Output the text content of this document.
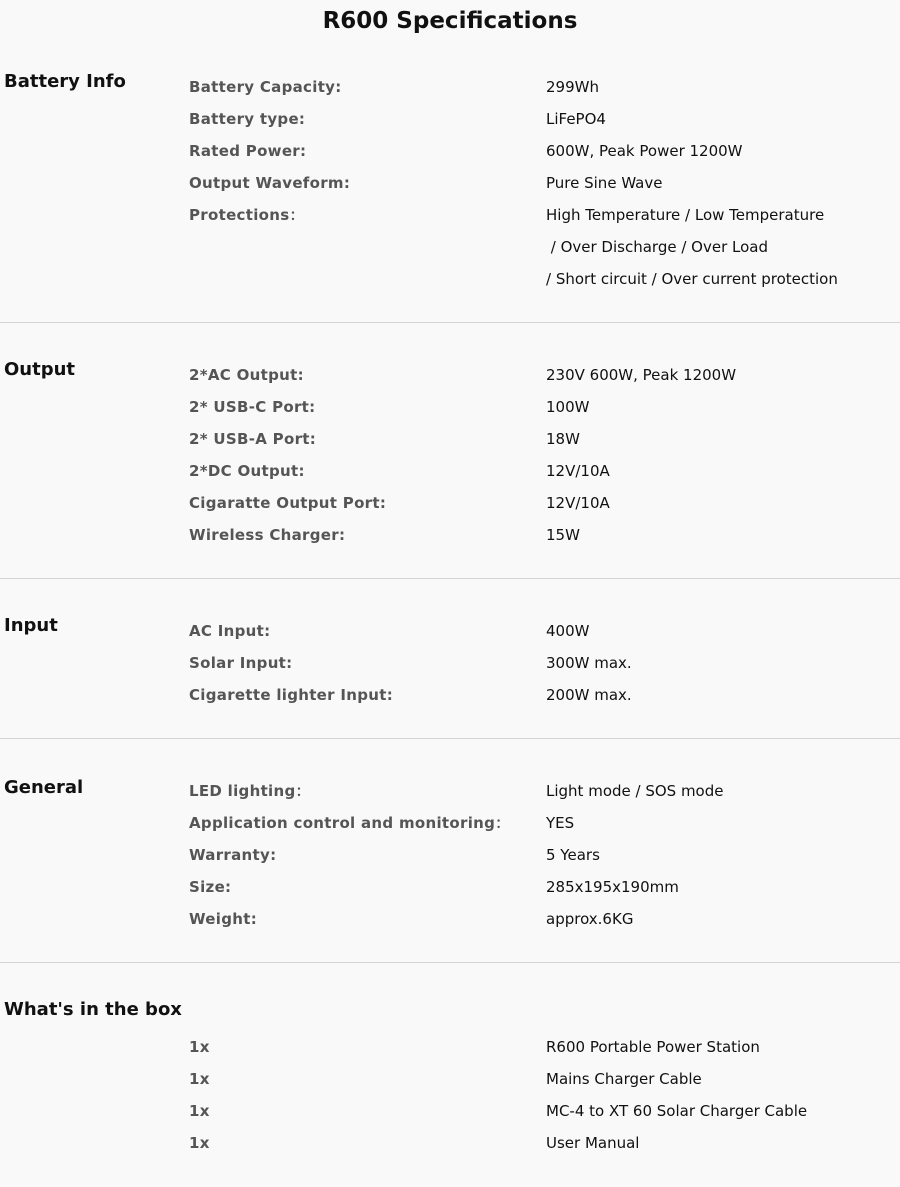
R600 Specifications
Battery Info	Battery Capacity:	299Wh
Battery type:	LiFePO4
Rated Power:	600W, Peak Power 1200W
Output Waveform:	Pure Sine Wave
Protections：	High Temperature / Low Temperature
/ Over Discharge / Over Load
/ Short circuit / Over current protection
Output	2*AC Output:	230V 600W, Peak 1200W
2* USB-C Port:	100W
2* USB-A Port:	18W
2*DC Output:	12V/10A
Cigaratte Output Port:	12V/10A
Wireless Charger:	15W
Input	AC Input:	400W
Solar Input:	300W max.
Cigarette lighter Input:	200W max.
General	LED lighting：	Light mode / SOS mode
Application control and monitoring： YES
Warranty:	5 Years
Size:	285x195x190mm
Weight:	approx.6KG
What's in the box
1x	R600 Portable Power Station
1x	Mains Charger Cable
1x	MC-4 to XT 60 Solar Charger Cable
1x	User Manual
